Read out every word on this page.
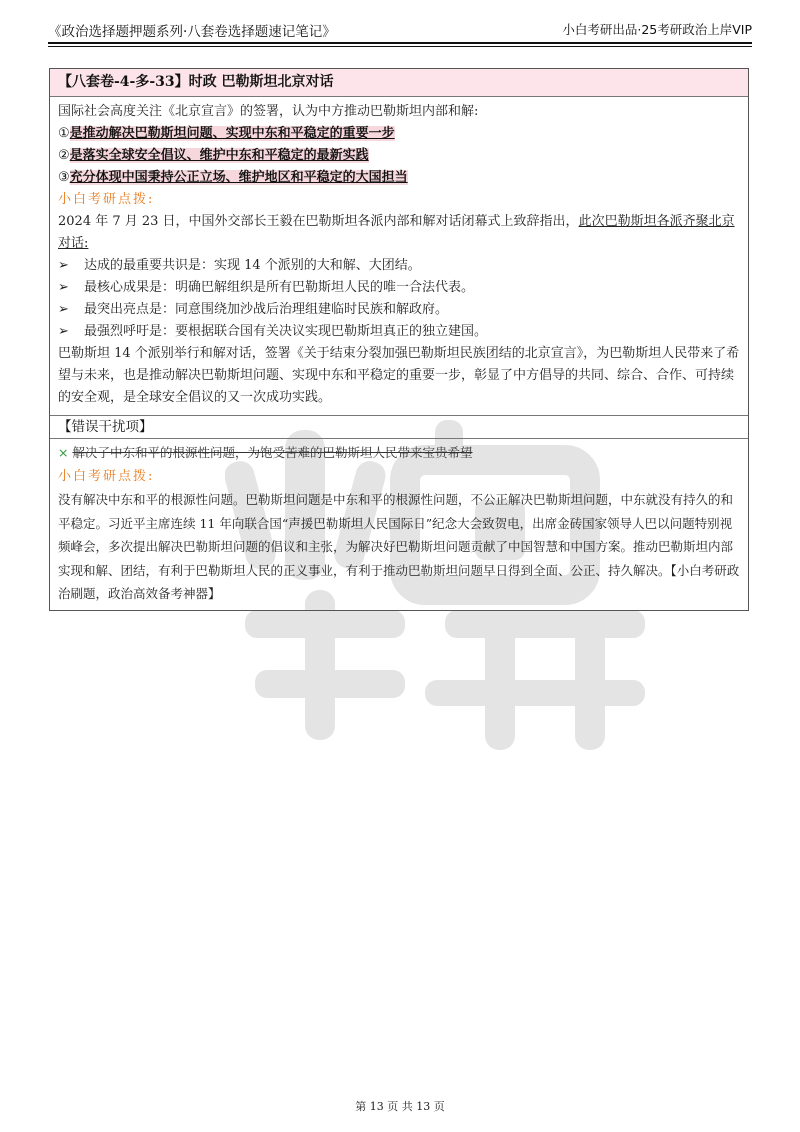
《政治选择题押题系列·八套卷选择题速记笔记》	小白考研出品·25考研政治上岸VIP
【八套卷-4-多-33】时政 巴勒斯坦北京对话
国际社会高度关注《北京宣言》的签署，认为中方推动巴勒斯坦内部和解:
①是推动解决巴勒斯坦问题、实现中东和平稳定的重要一步
②是落实全球安全倡议、维护中东和平稳定的最新实践
③充分体现中国秉持公正立场、维护地区和平稳定的大国担当
小白考研点拨:
2024 年 7 月 23 日，中国外交部长王毅在巴勒斯坦各派内部和解对话闭幕式上致辞指出，此次巴勒斯坦各派齐聚北京对话:
➢ 达成的最重要共识是：实现 14 个派别的大和解、大团结。
➢ 最核心成果是：明确巴解组织是所有巴勒斯坦人民的唯一合法代表。
➢ 最突出亮点是：同意围绕加沙战后治理组建临时民族和解政府。
➢ 最强烈呼吁是：要根据联合国有关决议实现巴勒斯坦真正的独立建国。
巴勒斯坦 14 个派别举行和解对话，签署《关于结束分裂加强巴勒斯坦民族团结的北京宣言》，为巴勒斯坦人民带来了希望与未来，也是推动解决巴勒斯坦问题、实现中东和平稳定的重要一步，彰显了中方倡导的共同、综合、合作、可持续的安全观，是全球安全倡议的又一次成功实践。
【错误干扰项】
× 解决了中东和平的根源性问题，为饱受苦难的巴勒斯坦人民带来宝贵希望
小白考研点拨:
没有解决中东和平的根源性问题。巴勒斯坦问题是中东和平的根源性问题，不公正解决巴勒斯坦问题，中东就没有持久的和平稳定。习近平主席连续 11 年向联合国“声援巴勒斯坦人民国际日”纪念大会致贺电，出席金砖国家领导人巴以问题特别视频峰会，多次提出解决巴勒斯坦问题的倡议和主张，为解决好巴勒斯坦问题贡献了中国智慧和中国方案。推动巴勒斯坦内部实现和解、团结，有利于巴勒斯坦人民的正义事业，有利于推动巴勒斯坦问题早日得到全面、公正、持久解决。【小白考研政治刷题，政治高效备考神器】
第 13 页 共 13 页
